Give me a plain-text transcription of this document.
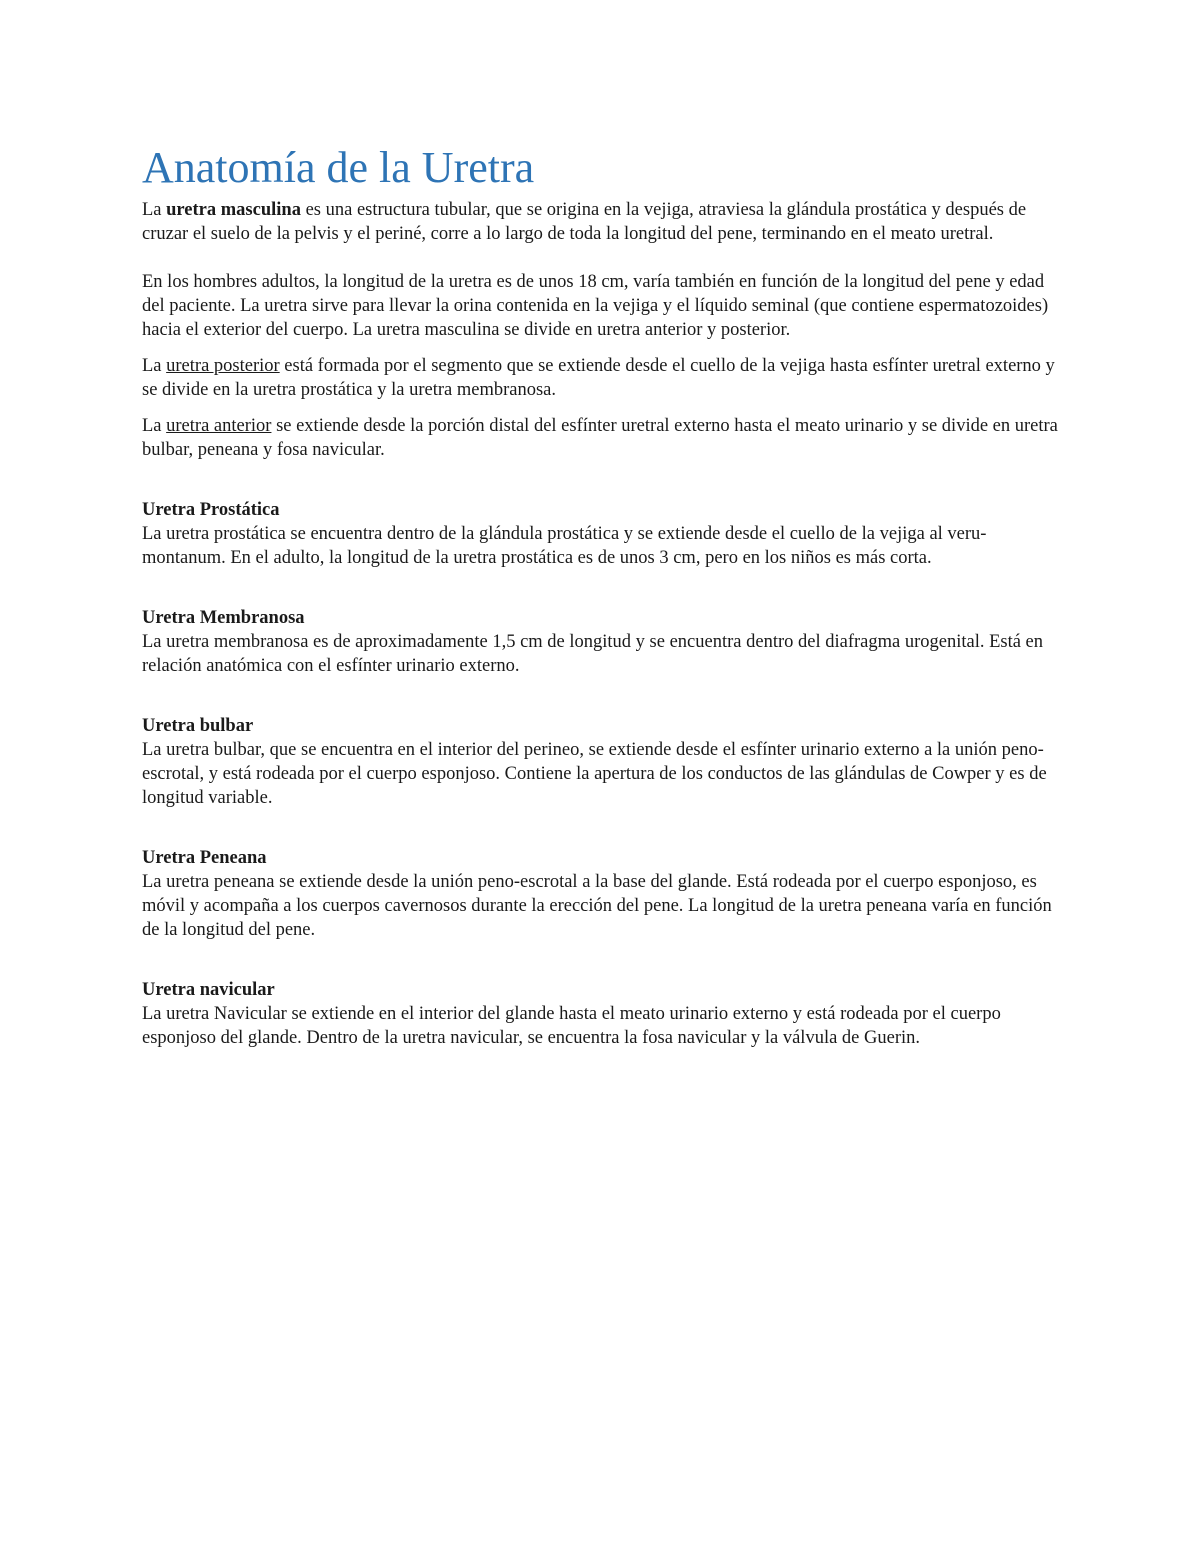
Anatomía de la Uretra

La uretra masculina es una estructura tubular, que se origina en la vejiga, atraviesa la glándula prostática y después de cruzar el suelo de la pelvis y el periné, corre a lo largo de toda la longitud del pene, terminando en el meato uretral.

En los hombres adultos, la longitud de la uretra es de unos 18 cm, varía también en función de la longitud del pene y edad del paciente. La uretra sirve para llevar la orina contenida en la vejiga y el líquido seminal (que contiene espermatozoides) hacia el exterior del cuerpo. La uretra masculina se divide en uretra anterior y posterior.

La uretra posterior está formada por el segmento que se extiende desde el cuello de la vejiga hasta esfínter uretral externo y se divide en la uretra prostática y la uretra membranosa.

La uretra anterior se extiende desde la porción distal del esfínter uretral externo hasta el meato urinario y se divide en uretra bulbar, peneana y fosa navicular.

Uretra Prostática

La uretra prostática se encuentra dentro de la glándula prostática y se extiende desde el cuello de la vejiga al veru-montanum. En el adulto, la longitud de la uretra prostática es de unos 3 cm, pero en los niños es más corta.

Uretra Membranosa

La uretra membranosa es de aproximadamente 1,5 cm de longitud y se encuentra dentro del diafragma urogenital. Está en relación anatómica con el esfínter urinario externo.

Uretra bulbar

La uretra bulbar, que se encuentra en el interior del perineo, se extiende desde el esfínter urinario externo a la unión peno-escrotal, y está rodeada por el cuerpo esponjoso. Contiene la apertura de los conductos de las glándulas de Cowper y es de longitud variable.

Uretra Peneana

La uretra peneana se extiende desde la unión peno-escrotal a la base del glande. Está rodeada por el cuerpo esponjoso, es móvil y acompaña a los cuerpos cavernosos durante la erección del pene. La longitud de la uretra peneana varía en función de la longitud del pene.

Uretra navicular

La uretra Navicular se extiende en el interior del glande hasta el meato urinario externo y está rodeada por el cuerpo esponjoso del glande. Dentro de la uretra navicular, se encuentra la fosa navicular y la válvula de Guerin.
